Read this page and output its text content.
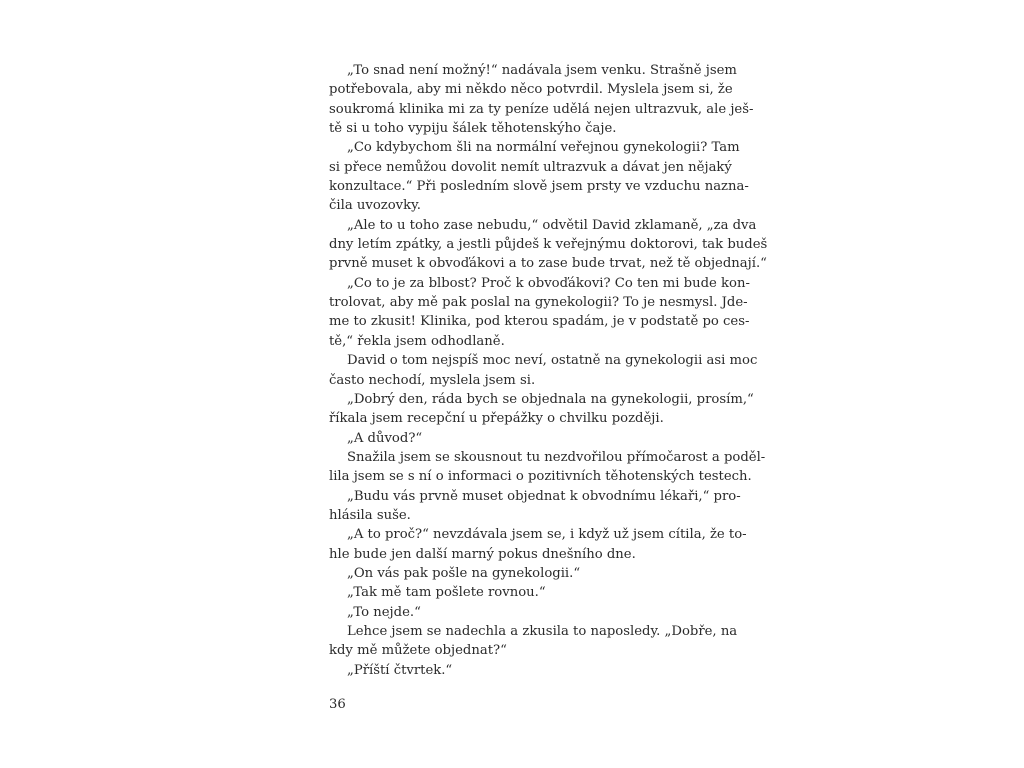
„To snad není možný!“ nadávala jsem venku. Strašně jsem
potřebovala, aby mi někdo něco potvrdil. Myslela jsem si, že
soukromá klinika mi za ty peníze udělá nejen ultrazvuk, ale ješ-
tě si u toho vypiju šálek těhotenskýho čaje.
„Co kdybychom šli na normální veřejnou gynekologii? Tam
si přece nemůžou dovolit nemít ultrazvuk a dávat jen nějaký
konzultace.“ Při posledním slově jsem prsty ve vzduchu nazna-
čila uvozovky.
„Ale to u toho zase nebudu,“ odvětil David zklamaně, „za dva
dny letím zpátky, a jestli půjdeš k veřejnýmu doktorovi, tak budeš
prvně muset k obvoďákovi a to zase bude trvat, než tě objednají.“
„Co to je za blbost? Proč k obvoďákovi? Co ten mi bude kon-
trolovat, aby mě pak poslal na gynekologii? To je nesmysl. Jde-
me to zkusit! Klinika, pod kterou spadám, je v podstatě po ces-
tě,“ řekla jsem odhodlaně.
David o tom nejspíš moc neví, ostatně na gynekologii asi moc
často nechodí, myslela jsem si.
„Dobrý den, ráda bych se objednala na gynekologii, prosím,“
říkala jsem recepční u přepážky o chvilku později.
„A důvod?“
Snažila jsem se skousnout tu nezdvořilou přímočarost a poděl-
lila jsem se s ní o informaci o pozitivních těhotenských testech.
„Budu vás prvně muset objednat k obvodnímu lékaři,“ pro-
hlásila suše.
„A to proč?“ nevzdávala jsem se, i když už jsem cítila, že to-
hle bude jen další marný pokus dnešního dne.
„On vás pak pošle na gynekologii.“
„Tak mě tam pošlete rovnou.“
„To nejde.“
Lehce jsem se nadechla a zkusila to naposledy. „Dobře, na
kdy mě můžete objednat?“
„Příští čtvrtek.“
36
